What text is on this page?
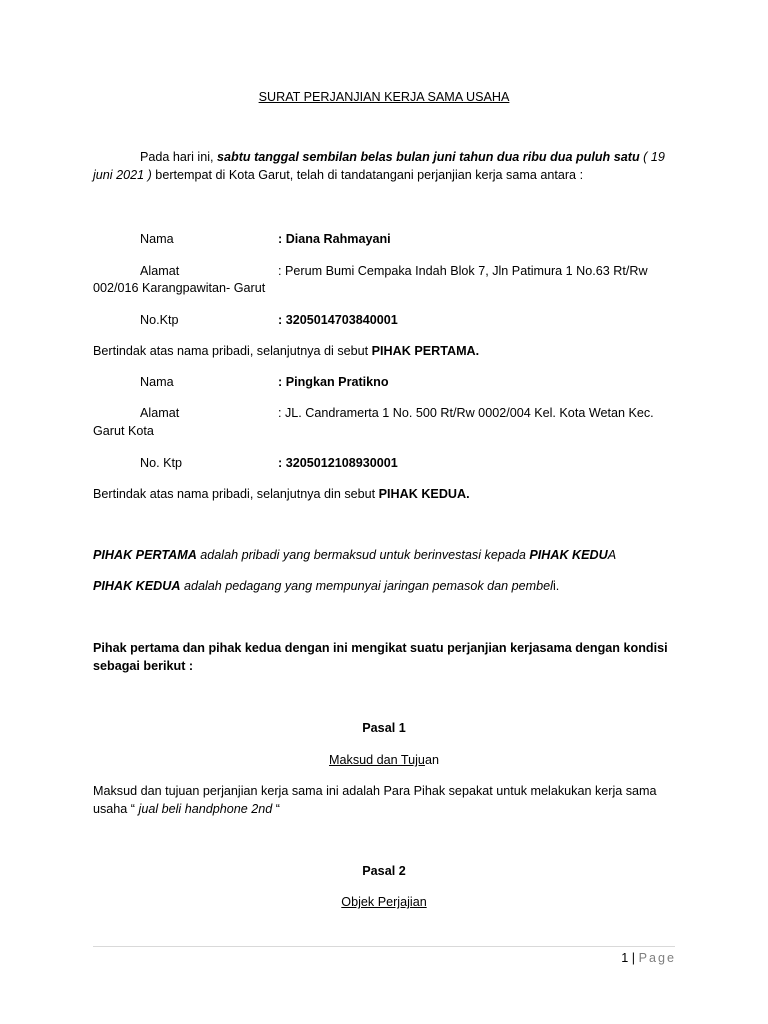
SURAT PERJANJIAN KERJA SAMA USAHA
Pada hari ini, sabtu tanggal sembilan belas bulan juni tahun dua ribu dua puluh satu ( 19 juni 2021 ) bertempat di Kota Garut, telah di tandatangani perjanjian kerja sama antara :
Nama	: Diana Rahmayani
Alamat	: Perum Bumi Cempaka Indah Blok 7, Jln Patimura 1 No.63 Rt/Rw
002/016 Karangpawitan- Garut
No.Ktp	: 3205014703840001
Bertindak atas nama pribadi, selanjutnya di sebut PIHAK PERTAMA.
Nama	: Pingkan Pratikno
Alamat	: JL. Candramerta 1 No. 500 Rt/Rw 0002/004 Kel. Kota Wetan Kec.
Garut Kota
No. Ktp	: 3205012108930001
Bertindak atas nama pribadi, selanjutnya din sebut PIHAK KEDUA.
PIHAK PERTAMA adalah pribadi yang bermaksud untuk berinvestasi kepada PIHAK KEDUA
PIHAK KEDUA adalah pedagang yang mempunyai jaringan pemasok dan pembeli.
Pihak pertama dan pihak kedua dengan ini mengikat suatu perjanjian kerjasama dengan kondisi sebagai berikut :
Pasal 1
Maksud dan Tujuan
Maksud dan tujuan perjanjian kerja sama ini adalah Para Pihak sepakat untuk melakukan kerja sama usaha “ jual beli handphone 2nd “
Pasal 2
Objek Perjajian
1 | Page
